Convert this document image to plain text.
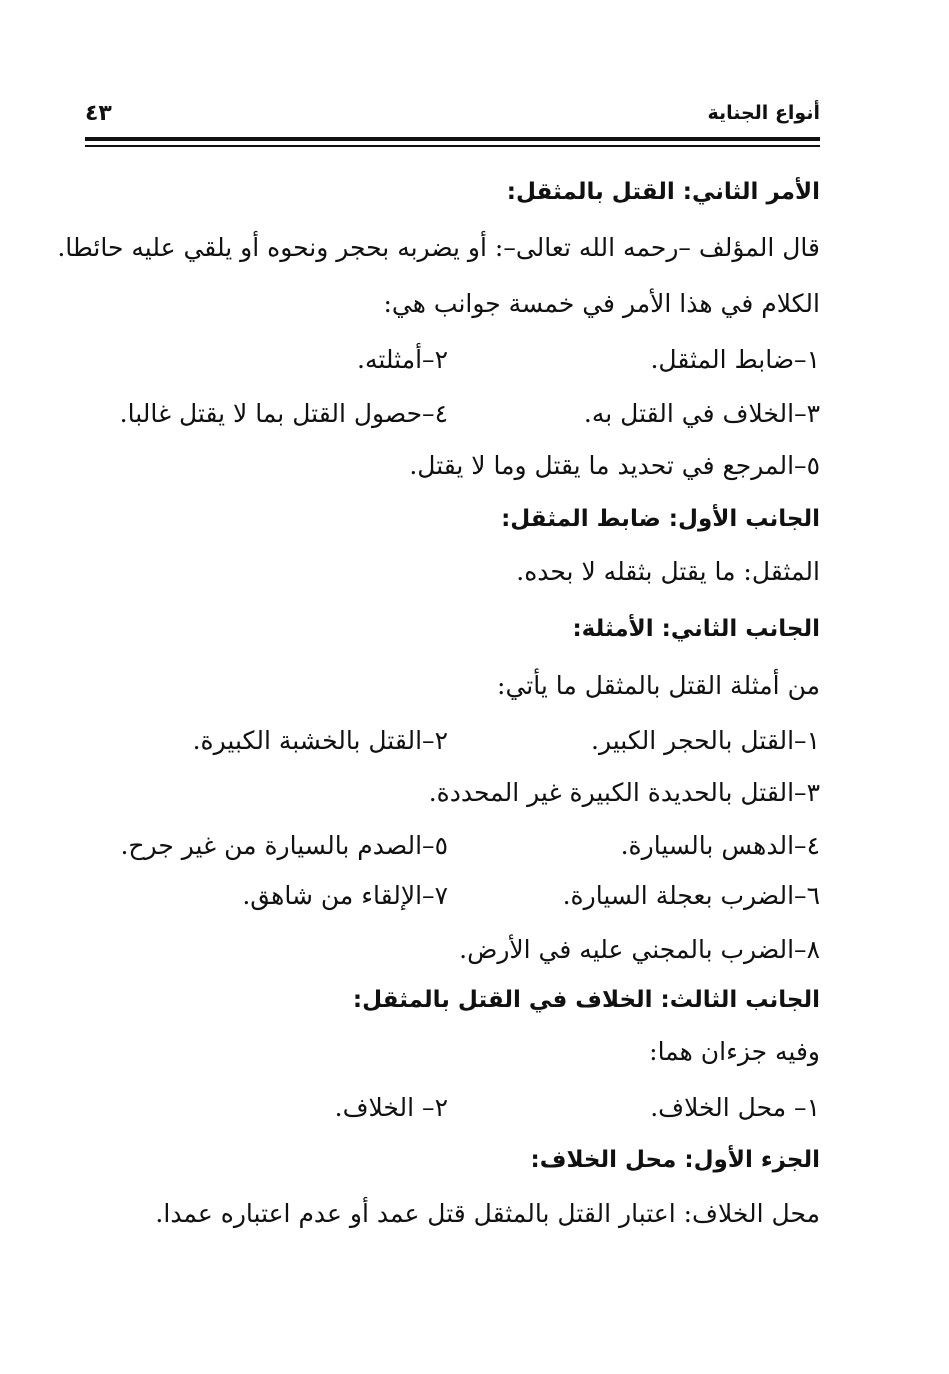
أنواع الجناية
٤٣
الأمر الثاني: القتل بالمثقل:
قال المؤلف –رحمه الله تعالى–: أو يضربه بحجر ونحوه أو يلقي عليه حائطا.
الكلام في هذا الأمر في خمسة جوانب هي:
١–ضابط المثقل.
٢–أمثلته.
٣–الخلاف في القتل به.
٤–حصول القتل بما لا يقتل غالبا.
٥–المرجع في تحديد ما يقتل وما لا يقتل.
الجانب الأول: ضابط المثقل:
المثقل: ما يقتل بثقله لا بحده.
الجانب الثاني: الأمثلة:
من أمثلة القتل بالمثقل ما يأتي:
١–القتل بالحجر الكبير.
٢–القتل بالخشبة الكبيرة.
٣–القتل بالحديدة الكبيرة غير المحددة.
٤–الدهس بالسيارة.
٥–الصدم بالسيارة من غير جرح.
٦–الضرب بعجلة السيارة.
٧–الإلقاء من شاهق.
٨–الضرب بالمجني عليه في الأرض.
الجانب الثالث: الخلاف في القتل بالمثقل:
وفيه جزءان هما:
١– محل الخلاف.
٢– الخلاف.
الجزء الأول: محل الخلاف:
محل الخلاف: اعتبار القتل بالمثقل قتل عمد أو عدم اعتباره عمدا.
